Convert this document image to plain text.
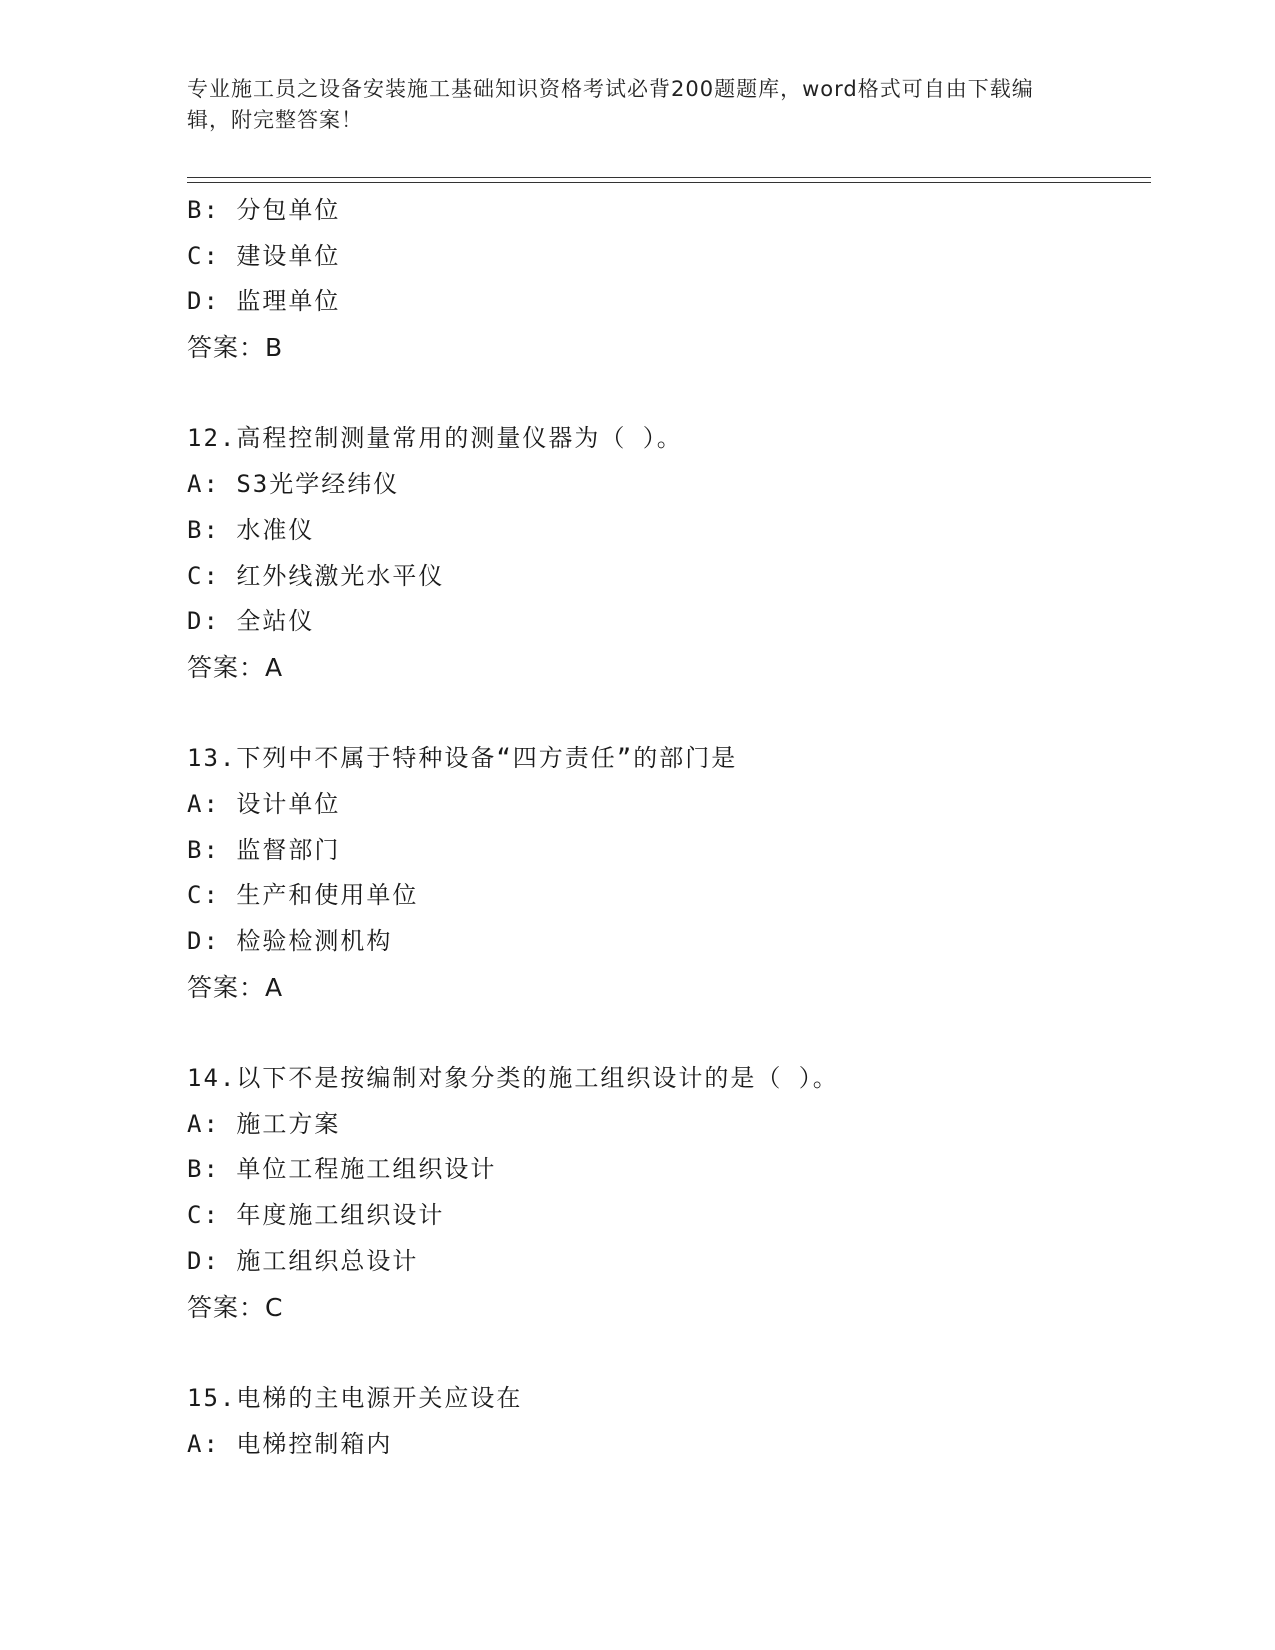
专业施工员之设备安装施工基础知识资格考试必背200题题库，word格式可自由下载编辑，附完整答案！
B: 分包单位
C: 建设单位
D: 监理单位
答案：B
12.高程控制测量常用的测量仪器为（ ）。
A: S3光学经纬仪
B: 水准仪
C: 红外线激光水平仪
D: 全站仪
答案：A
13.下列中不属于特种设备“四方责任”的部门是
A: 设计单位
B: 监督部门
C: 生产和使用单位
D: 检验检测机构
答案：A
14.以下不是按编制对象分类的施工组织设计的是（ ）。
A: 施工方案
B: 单位工程施工组织设计
C: 年度施工组织设计
D: 施工组织总设计
答案：C
15.电梯的主电源开关应设在
A: 电梯控制箱内
